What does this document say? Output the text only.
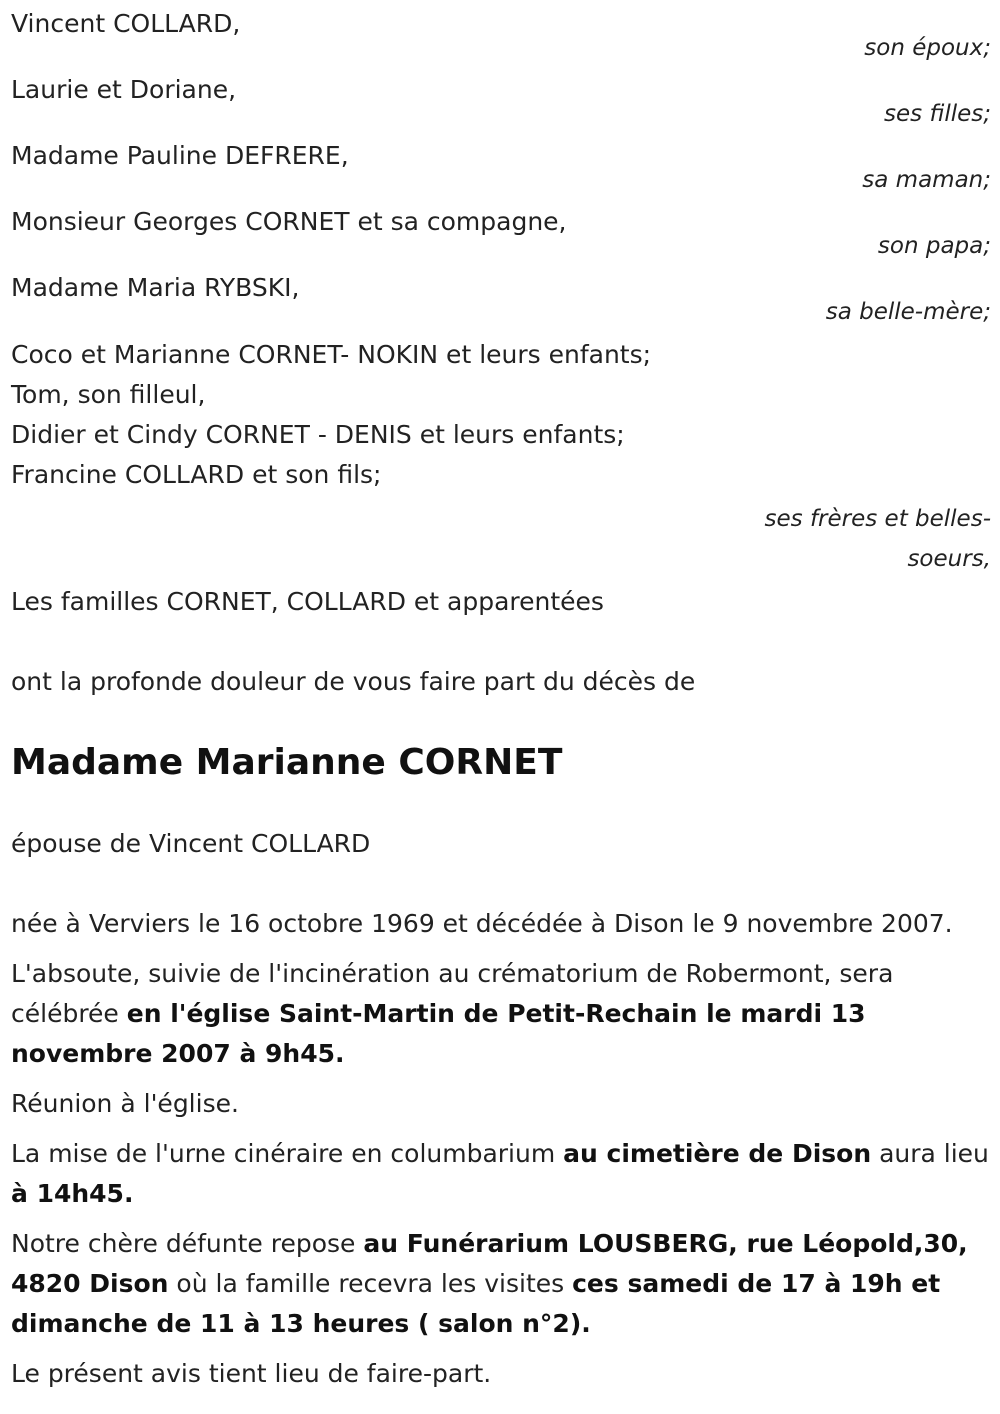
Vincent COLLARD,
son époux;
Laurie et Doriane,
ses filles;
Madame Pauline DEFRERE,
sa maman;
Monsieur Georges CORNET et sa compagne,
son papa;
Madame Maria RYBSKI,
sa belle-mère;
Coco et Marianne CORNET- NOKIN et leurs enfants;
Tom, son filleul,
Didier et Cindy CORNET - DENIS et leurs enfants;
Francine COLLARD et son fils;
ses frères et belles-
soeurs,
Les familles CORNET, COLLARD et apparentées
ont la profonde douleur de vous faire part du décès de
Madame Marianne CORNET
épouse de Vincent COLLARD

née à Verviers le 16 octobre 1969 et décédée à Dison le 9 novembre 2007.

L'absoute, suivie de l'incinération au crématorium de Robermont, sera célébrée en l'église Saint-Martin de Petit-Rechain le mardi 13 novembre 2007 à 9h45.

Réunion à l'église.

La mise de l'urne cinéraire en columbarium au cimetière de Dison aura lieu à 14h45.

Notre chère défunte repose au Funérarium LOUSBERG, rue Léopold,30, 4820 Dison où la famille recevra les visites ces samedi de 17 à 19h et dimanche de 11 à 13 heures ( salon n°2).

Le présent avis tient lieu de faire-part.
